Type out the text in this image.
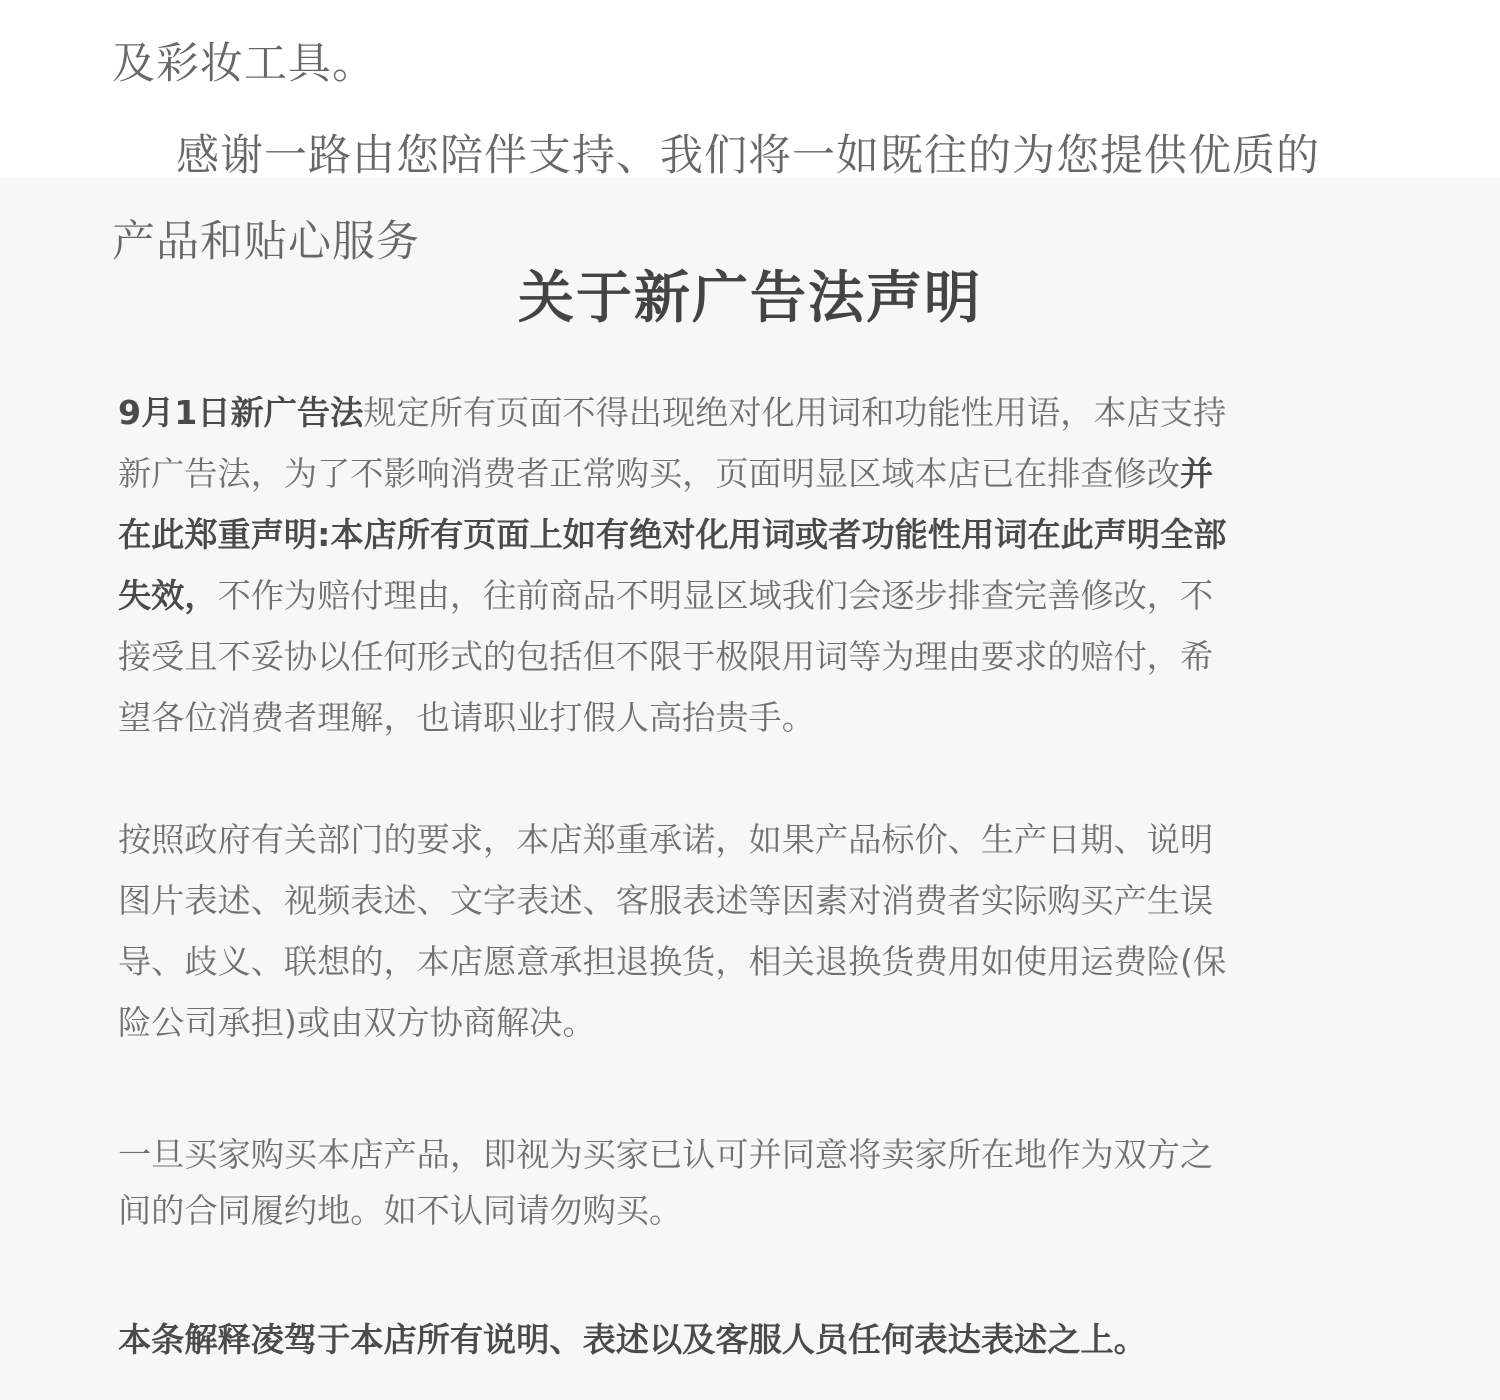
及彩妆工具。
感谢一路由您陪伴支持、我们将一如既往的为您提供优质的
产品和贴心服务
关于新广告法声明
9月1日新广告法规定所有页面不得出现绝对化用词和功能性用语，本店支持
新广告法，为了不影响消费者正常购买，页面明显区域本店已在排查修改并
在此郑重声明:本店所有页面上如有绝对化用词或者功能性用词在此声明全部
失效，不作为赔付理由，往前商品不明显区域我们会逐步排查完善修改，不
接受且不妥协以任何形式的包括但不限于极限用词等为理由要求的赔付，希
望各位消费者理解，也请职业打假人高抬贵手。
按照政府有关部门的要求，本店郑重承诺，如果产品标价、生产日期、说明
图片表述、视频表述、文字表述、客服表述等因素对消费者实际购买产生误
导、歧义、联想的，本店愿意承担退换货，相关退换货费用如使用运费险(保
险公司承担)或由双方协商解决。
一旦买家购买本店产品，即视为买家已认可并同意将卖家所在地作为双方之
间的合同履约地。如不认同请勿购买。
本条解释凌驾于本店所有说明、表述以及客服人员任何表达表述之上。
